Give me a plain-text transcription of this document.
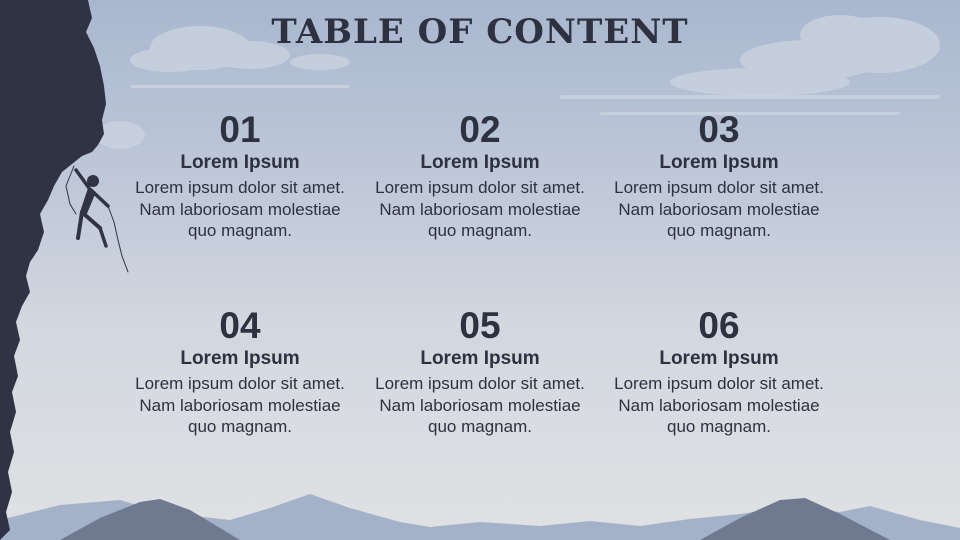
TABLE OF CONTENT
01
Lorem Ipsum
Lorem ipsum dolor sit amet. Nam laboriosam molestiae quo magnam.
02
Lorem Ipsum
Lorem ipsum dolor sit amet. Nam laboriosam molestiae quo magnam.
03
Lorem Ipsum
Lorem ipsum dolor sit amet. Nam laboriosam molestiae quo magnam.
04
Lorem Ipsum
Lorem ipsum dolor sit amet. Nam laboriosam molestiae quo magnam.
05
Lorem Ipsum
Lorem ipsum dolor sit amet. Nam laboriosam molestiae quo magnam.
06
Lorem Ipsum
Lorem ipsum dolor sit amet. Nam laboriosam molestiae quo magnam.
